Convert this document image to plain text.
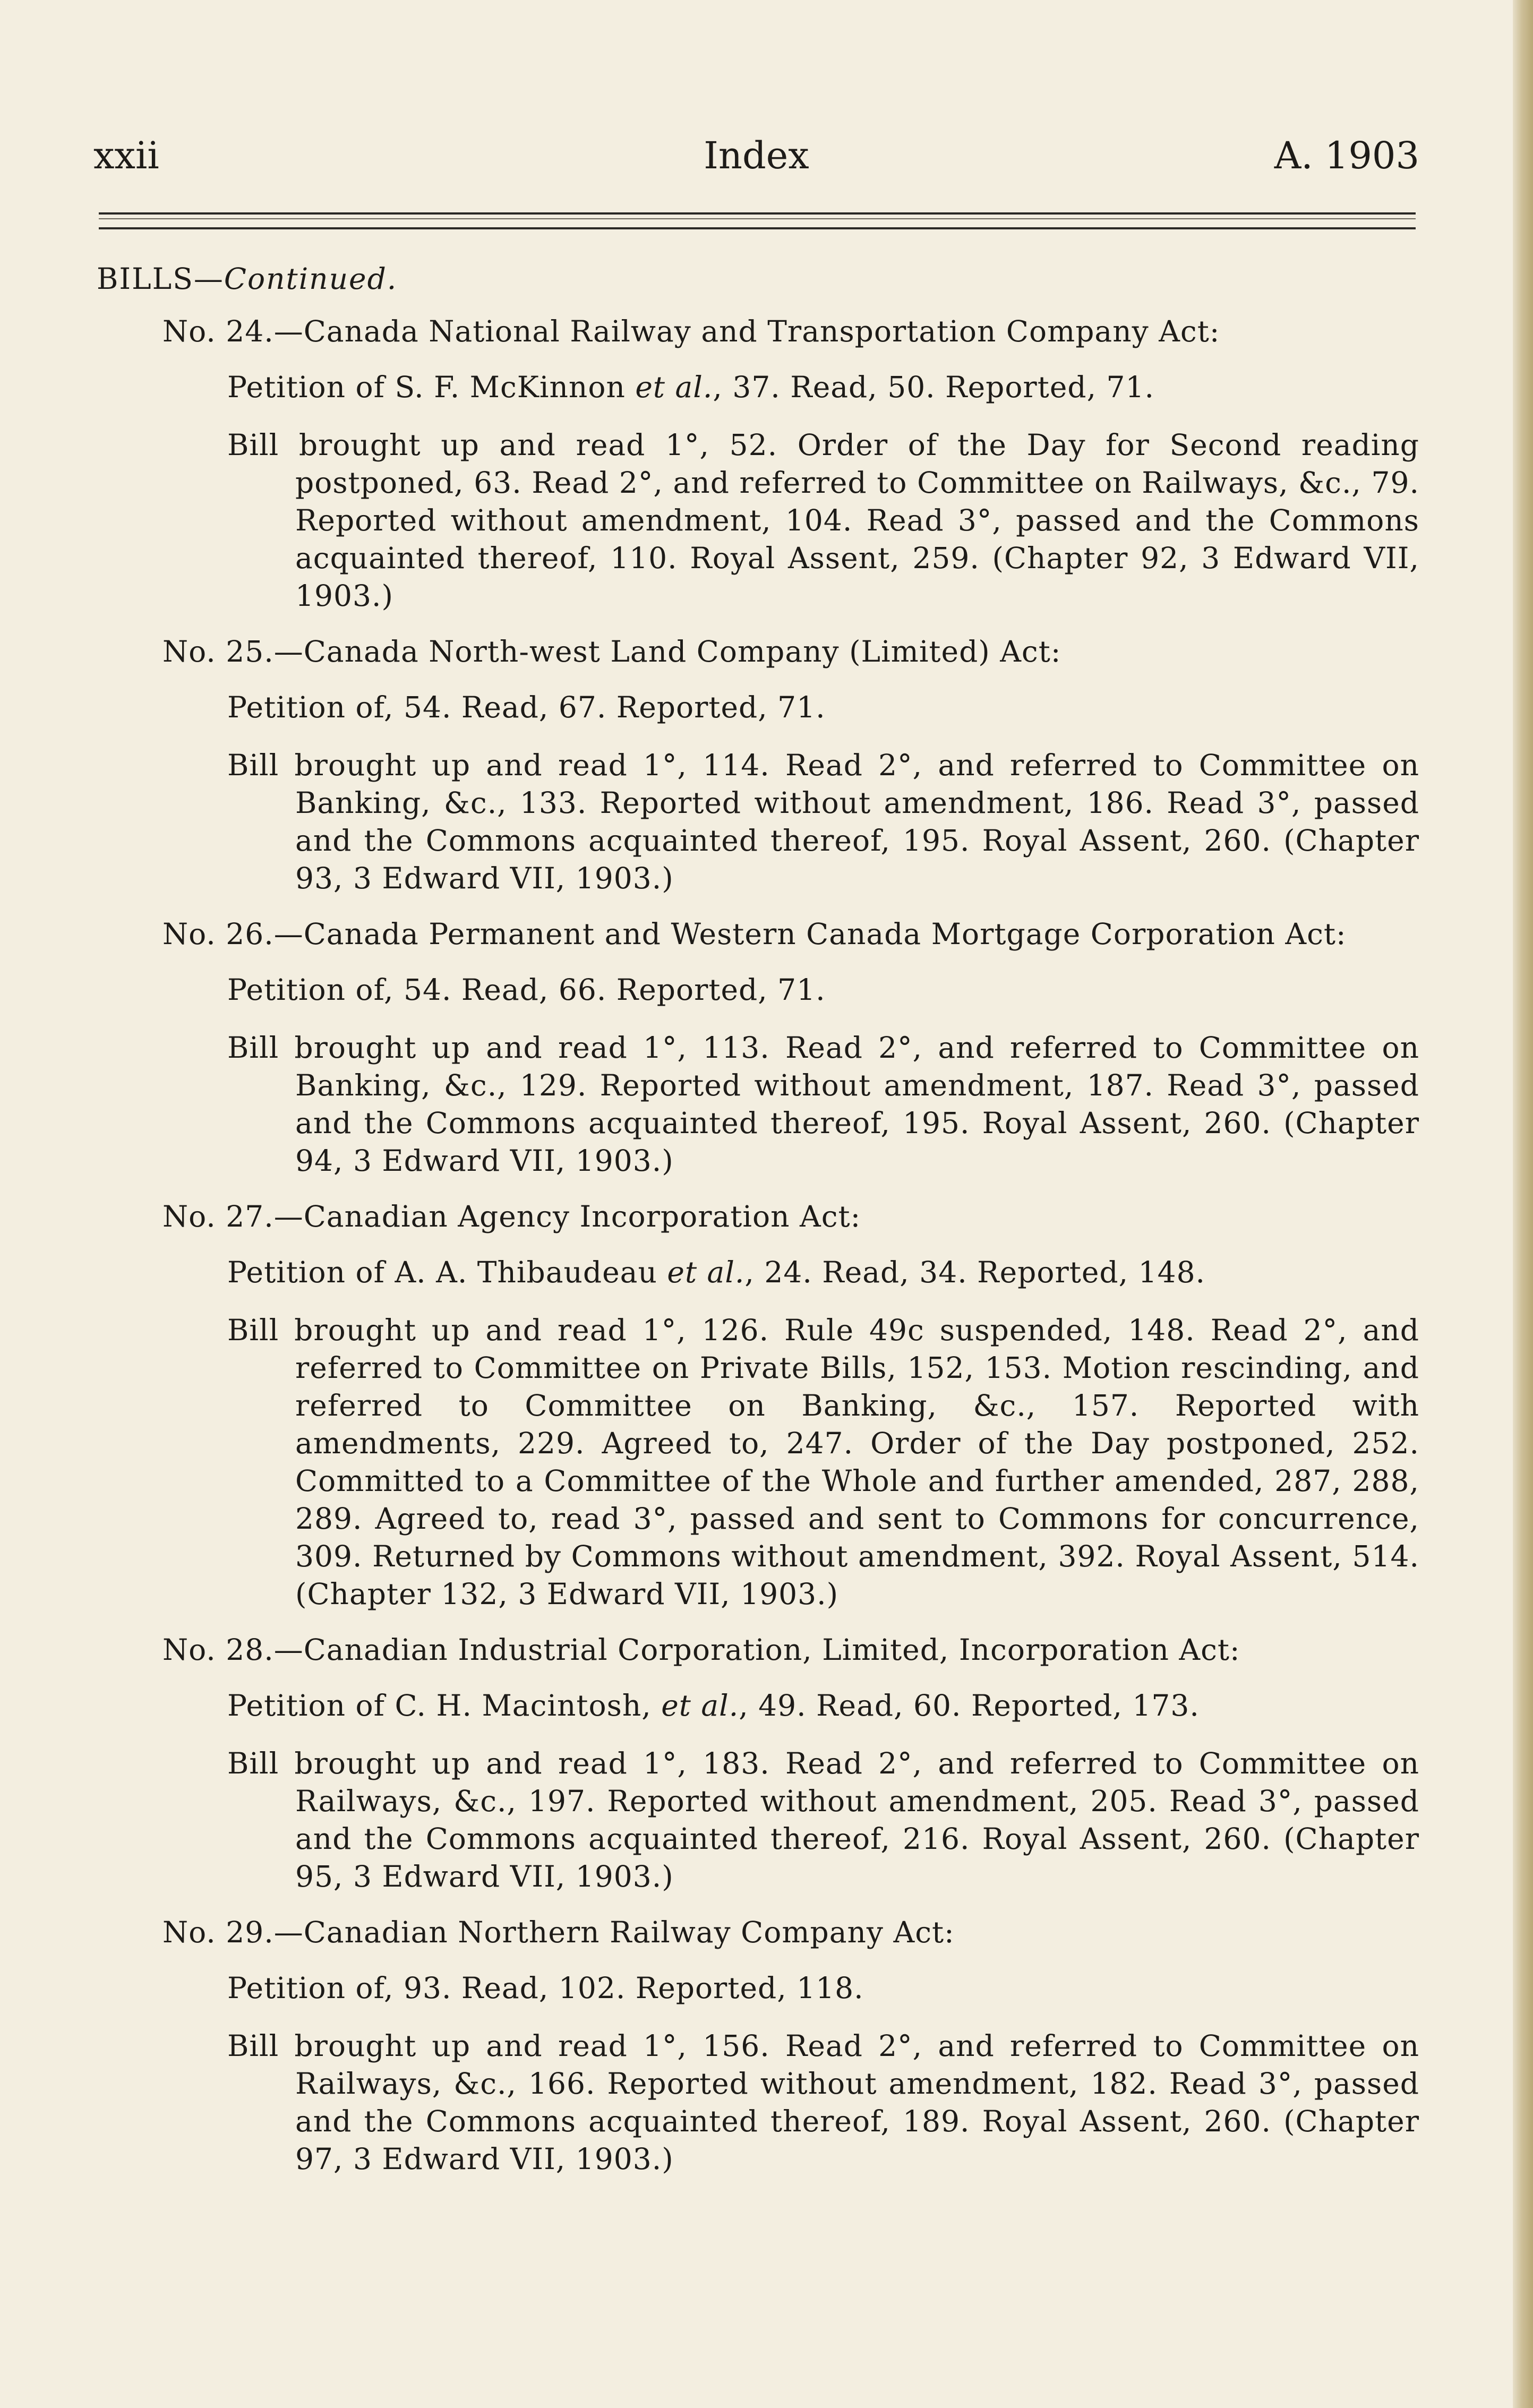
xxii	Index	A. 1903
BILLS—Continued.
No. 24.—Canada National Railway and Transportation Company Act:
Petition of S. F. McKinnon et al., 37. Read, 50. Reported, 71.
Bill brought up and read 1°, 52. Order of the Day for Second reading postponed, 63. Read 2°, and referred to Committee on Railways, &c., 79. Reported without amendment, 104. Read 3°, passed and the Commons acquainted thereof, 110. Royal Assent, 259. (Chapter 92, 3 Edward VII, 1903.)
No. 25.—Canada North-west Land Company (Limited) Act:
Petition of, 54. Read, 67. Reported, 71.
Bill brought up and read 1°, 114. Read 2°, and referred to Committee on Banking, &c., 133. Reported without amendment, 186. Read 3°, passed and the Commons acquainted thereof, 195. Royal Assent, 260. (Chapter 93, 3 Edward VII, 1903.)
No. 26.—Canada Permanent and Western Canada Mortgage Corporation Act:
Petition of, 54. Read, 66. Reported, 71.
Bill brought up and read 1°, 113. Read 2°, and referred to Committee on Banking, &c., 129. Reported without amendment, 187. Read 3°, passed and the Commons acquainted thereof, 195. Royal Assent, 260. (Chapter 94, 3 Edward VII, 1903.)
No. 27.—Canadian Agency Incorporation Act:
Petition of A. A. Thibaudeau et al., 24. Read, 34. Reported, 148.
Bill brought up and read 1°, 126. Rule 49c suspended, 148. Read 2°, and referred to Committee on Private Bills, 152, 153. Motion rescinding, and referred to Committee on Banking, &c., 157. Reported with amendments, 229. Agreed to, 247. Order of the Day postponed, 252. Committed to a Committee of the Whole and further amended, 287, 288, 289. Agreed to, read 3°, passed and sent to Commons for concurrence, 309. Returned by Commons without amendment, 392. Royal Assent, 514. (Chapter 132, 3 Edward VII, 1903.)
No. 28.—Canadian Industrial Corporation, Limited, Incorporation Act:
Petition of C. H. Macintosh, et al., 49. Read, 60. Reported, 173.
Bill brought up and read 1°, 183. Read 2°, and referred to Committee on Railways, &c., 197. Reported without amendment, 205. Read 3°, passed and the Commons acquainted thereof, 216. Royal Assent, 260. (Chapter 95, 3 Edward VII, 1903.)
No. 29.—Canadian Northern Railway Company Act:
Petition of, 93. Read, 102. Reported, 118.
Bill brought up and read 1°, 156. Read 2°, and referred to Committee on Railways, &c., 166. Reported without amendment, 182. Read 3°, passed and the Commons acquainted thereof, 189. Royal Assent, 260. (Chapter 97, 3 Edward VII, 1903.)
